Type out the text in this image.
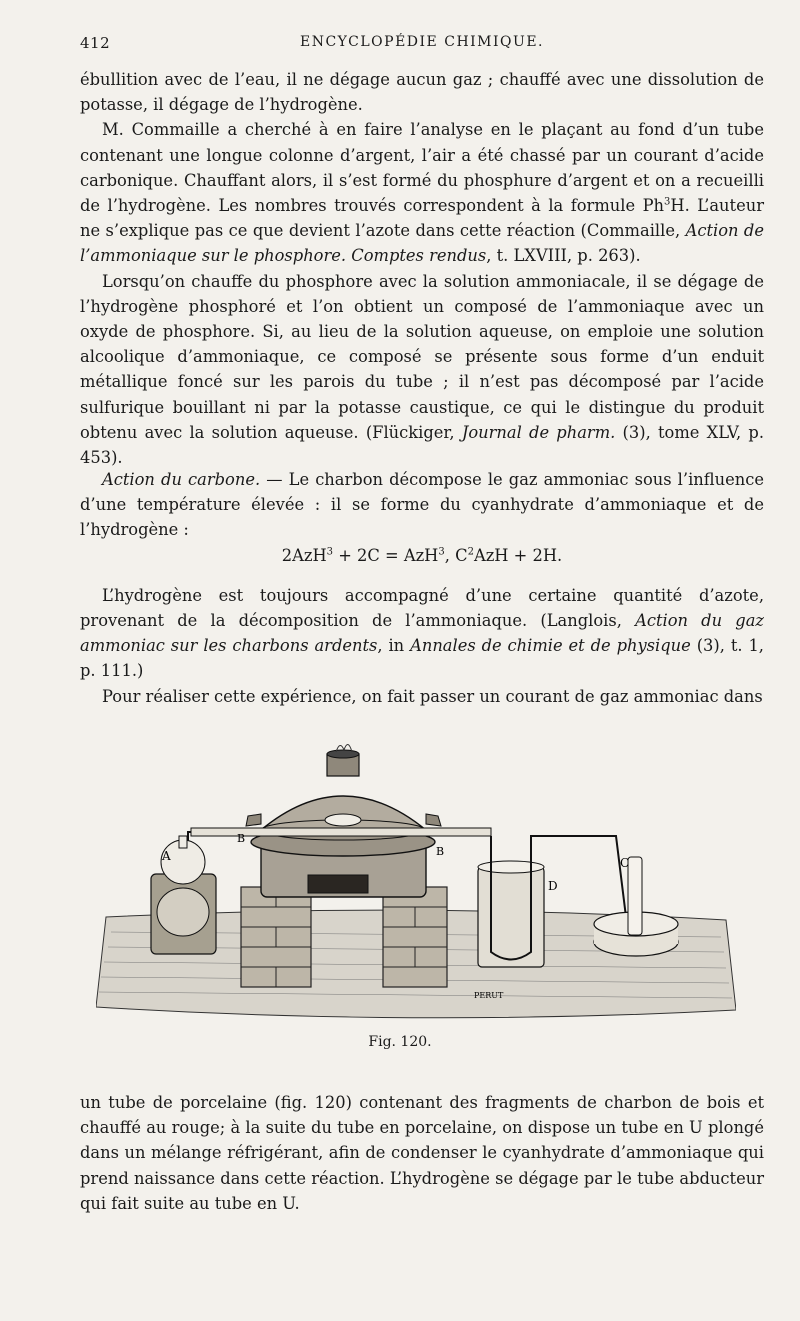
412	ENCYCLOPÉDIE CHIMIQUE.

ébullition avec de l’eau, il ne dégage aucun gaz ; chauffé avec une dissolution de potasse, il dégage de l’hydrogène.

M. Commaille a cherché à en faire l’analyse en le plaçant au fond d’un tube contenant une longue colonne d’argent, l’air a été chassé par un courant d’acide carbonique. Chauffant alors, il s’est formé du phosphure d’argent et on a recueilli de l’hydrogène. Les nombres trouvés correspondent à la formule Ph$^3$H. L’auteur ne s’explique pas ce que devient l’azote dans cette réaction (Commaille, Action de l’ammoniaque sur le phosphore. Comptes rendus, t. LXVIII, p. 263).

Lorsqu’on chauffe du phosphore avec la solution ammoniacale, il se dégage de l’hydrogène phosphoré et l’on obtient un composé de l’ammoniaque avec un oxyde de phosphore. Si, au lieu de la solution aqueuse, on emploie une solution alcoolique d’ammoniaque, ce composé se présente sous forme d’un enduit métallique foncé sur les parois du tube ; il n’est pas décomposé par l’acide sulfurique bouillant ni par la potasse caustique, ce qui le distingue du produit obtenu avec la solution aqueuse. (Flückiger, Journal de pharm. (3), tome XLV, p. 453).

Action du carbone. — Le charbon décompose le gaz ammoniac sous l’influence d’une température élevée : il se forme du cyanhydrate d’ammoniaque et de l’hydrogène :

2AzH$^3$ + 2C = AzH$^3$, $C^2AzH + 2H$.

L’hydrogène est toujours accompagné d’une certaine quantité d’azote, provenant de la décomposition de l’ammoniaque. (Langlois, Action du gaz ammoniac sur les charbons ardents, in Annales de chimie et de physique (3), t. 1, p. 111.)

Pour réaliser cette expérience, on fait passer un courant de gaz ammoniac dans

A
B
B
C
D
PERUT
Fig. 120.

un tube de porcelaine (fig. 120) contenant des fragments de charbon de bois et chauffé au rouge; à la suite du tube en porcelaine, on dispose un tube en U plongé dans un mélange réfrigérant, afin de condenser le cyanhydrate d’ammoniaque qui prend naissance dans cette réaction. L’hydrogène se dégage par le tube abducteur qui fait suite au tube en U.
